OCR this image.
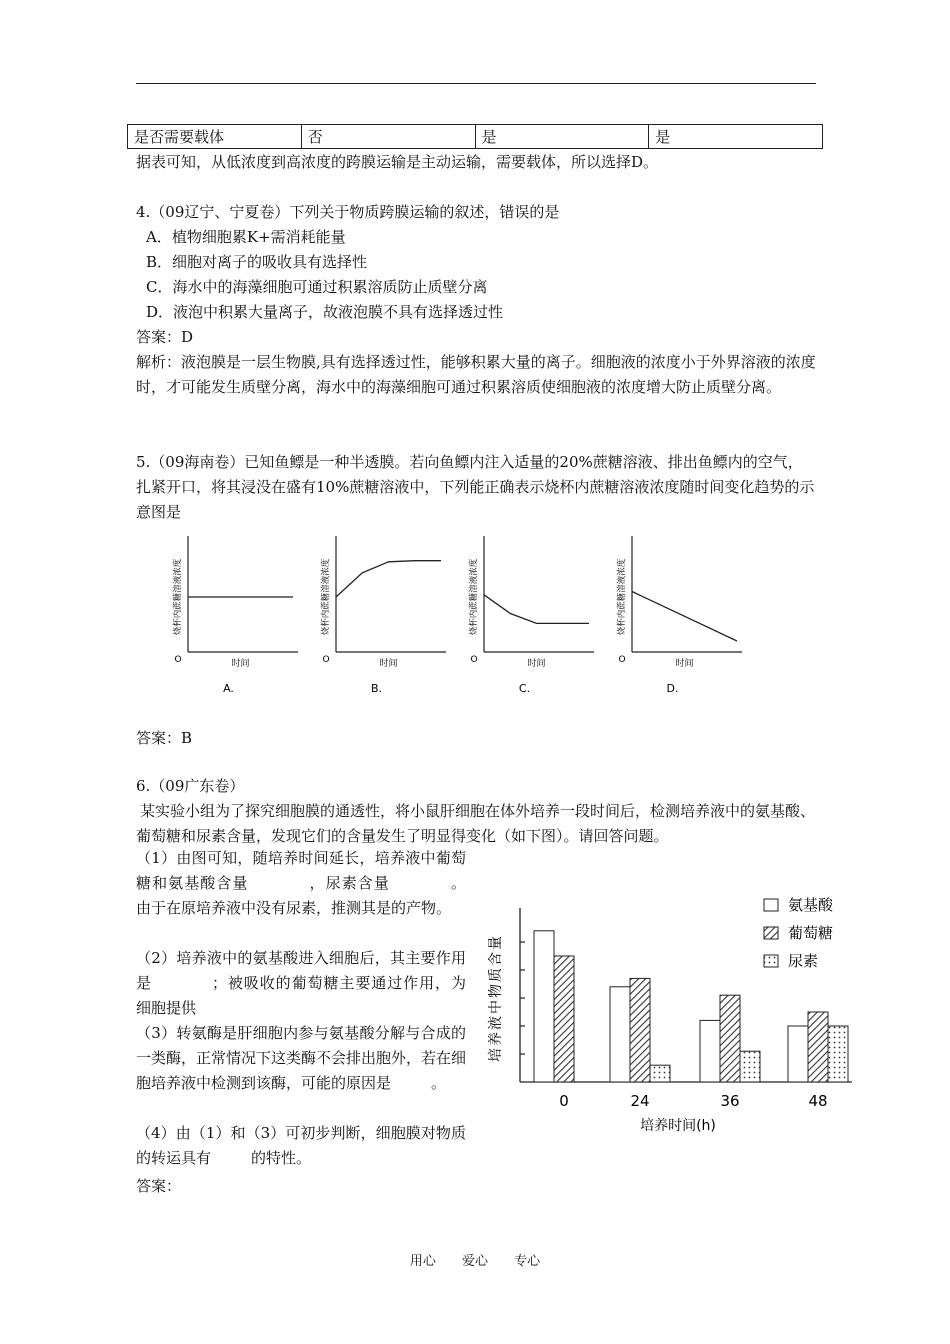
是否需要载体	否	是	是
据表可知，从低浓度到高浓度的跨膜运输是主动运输，需要载体，所以选择D。
4.（09辽宁、宁夏卷）下列关于物质跨膜运输的叙述，错误的是
A．植物细胞累K+需消耗能量
B．细胞对离子的吸收具有选择性
C．海水中的海藻细胞可通过积累溶质防止质壁分离
D．液泡中积累大量离子，故液泡膜不具有选择透过性
答案：D
解析：液泡膜是一层生物膜,具有选择透过性，能够积累大量的离子。细胞液的浓度小于外界溶液的浓度时，才可能发生质壁分离，海水中的海藻细胞可通过积累溶质使细胞液的浓度增大防止质壁分离。
5.（09海南卷）已知鱼鳔是一种半透膜。若向鱼鳔内注入适量的20%蔗糖溶液、排出鱼鳔内的空气，扎紧开口，将其浸没在盛有10%蔗糖溶液中，下列能正确表示烧杯内蔗糖溶液浓度随时间变化趋势的示意图是
O	时间
烧杯内蔗糖溶液浓度
A.
O	时间
烧杯内蔗糖溶液浓度
B.
O	时间
烧杯内蔗糖溶液浓度
C.
O	时间
烧杯内蔗糖溶液浓度
D.
答案：B
6.（09广东卷）
某实验小组为了探究细胞膜的通透性，将小鼠肝细胞在体外培养一段时间后，检测培养液中的氨基酸、葡萄糖和尿素含量，发现它们的含量发生了明显得变化（如下图）。请回答问题。
（1）由图可知，随培养时间延长，培养液中葡萄糖和氨基酸含量	，尿素含量	。由于在原培养液中没有尿素，推测其是的产物。
（2）培养液中的氨基酸进入细胞后，其主要作用是	；被吸收的葡萄糖主要通过作用，为细胞提供
（3）转氨酶是肝细胞内参与氨基酸分解与合成的一类酶，正常情况下这类酶不会排出胞外，若在细胞培养液中检测到该酶，可能的原因是	。
（4）由（1）和（3）可初步判断，细胞膜对物质的转运具有	的特性。
答案：
培养液中物质含量
培养时间(h)
0	24	36	48
氨基酸
葡萄糖
尿素
用心 爱心 专心
